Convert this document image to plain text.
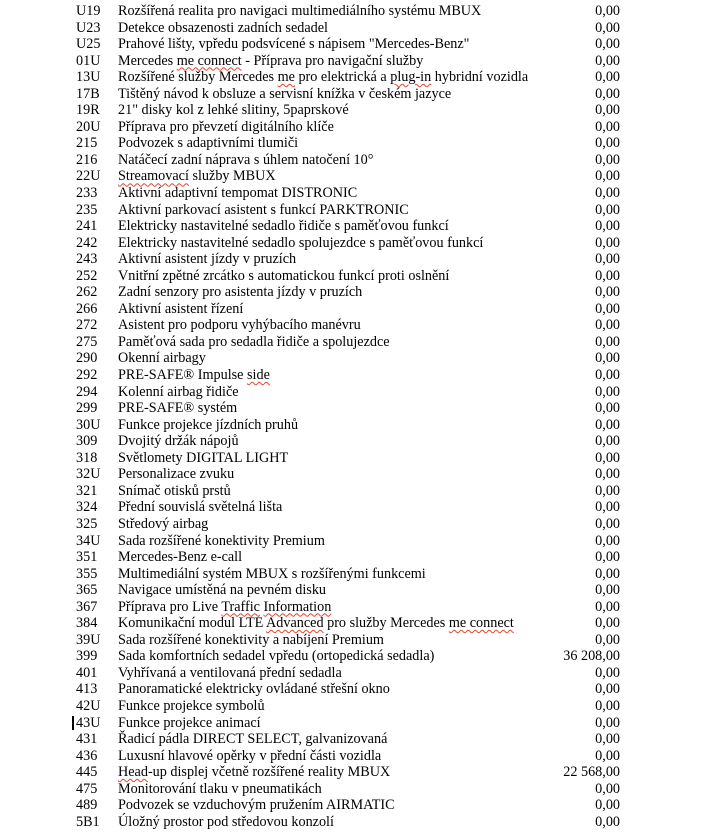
U19 Rozšířená realita pro navigaci multimediálního systému MBUX	0,00
U23 Detekce obsazenosti zadních sedadel	0,00
U25 Prahové lišty, vpředu podsvícené s nápisem "Mercedes-Benz"	0,00
01U Mercedes me connect - Příprava pro navigační služby	0,00
13U Rozšířené služby Mercedes me pro elektrická a plug-in hybridní vozidla	0,00
17B Tištěný návod k obsluze a servisní knížka v českém jazyce	0,00
19R 21" disky kol z lehké slitiny, 5paprskové	0,00
20U Příprava pro převzetí digitálního klíče	0,00
215 Podvozek s adaptivními tlumiči	0,00
216 Natáčecí zadní náprava s úhlem natočení 10°	0,00
22U Streamovací služby MBUX	0,00
233 Aktivní adaptivní tempomat DISTRONIC	0,00
235 Aktivní parkovací asistent s funkcí PARKTRONIC	0,00
241 Elektricky nastavitelné sedadlo řidiče s paměťovou funkcí	0,00
242 Elektricky nastavitelné sedadlo spolujezdce s paměťovou funkcí	0,00
243 Aktivní asistent jízdy v pruzích	0,00
252 Vnitřní zpětné zrcátko s automatickou funkcí proti oslnění	0,00
262 Zadní senzory pro asistenta jízdy v pruzích	0,00
266 Aktivní asistent řízení	0,00
272 Asistent pro podporu vyhýbacího manévru	0,00
275 Paměťová sada pro sedadla řidiče a spolujezdce	0,00
290 Okenní airbagy	0,00
292 PRE-SAFE® Impulse side	0,00
294 Kolenní airbag řidiče	0,00
299 PRE-SAFE® systém	0,00
30U Funkce projekce jízdních pruhů	0,00
309 Dvojitý držák nápojů	0,00
318 Světlomety DIGITAL LIGHT	0,00
32U Personalizace zvuku	0,00
321 Snímač otisků prstů	0,00
324 Přední souvislá světelná lišta	0,00
325 Středový airbag	0,00
34U Sada rozšířené konektivity Premium	0,00
351 Mercedes-Benz e-call	0,00
355 Multimediální systém MBUX s rozšířenými funkcemi	0,00
365 Navigace umístěná na pevném disku	0,00
367 Příprava pro Live Traffic Information	0,00
384 Komunikační modul LTE Advanced pro služby Mercedes me connect	0,00
39U Sada rozšířené konektivity a nabíjení Premium	0,00
399 Sada komfortních sedadel vpředu (ortopedická sedadla)	36 208,00
401 Vyhřívaná a ventilovaná přední sedadla	0,00
413 Panoramatické elektricky ovládané střešní okno	0,00
42U Funkce projekce symbolů	0,00
43U Funkce projekce animací	0,00
431 Řadicí pádla DIRECT SELECT, galvanizovaná	0,00
436 Luxusní hlavové opěrky v přední části vozidla	0,00
445 Head-up displej včetně rozšířené reality MBUX	22 568,00
475 Monitorování tlaku v pneumatikách	0,00
489 Podvozek se vzduchovým pružením AIRMATIC	0,00
5B1 Úložný prostor pod středovou konzolí	0,00
